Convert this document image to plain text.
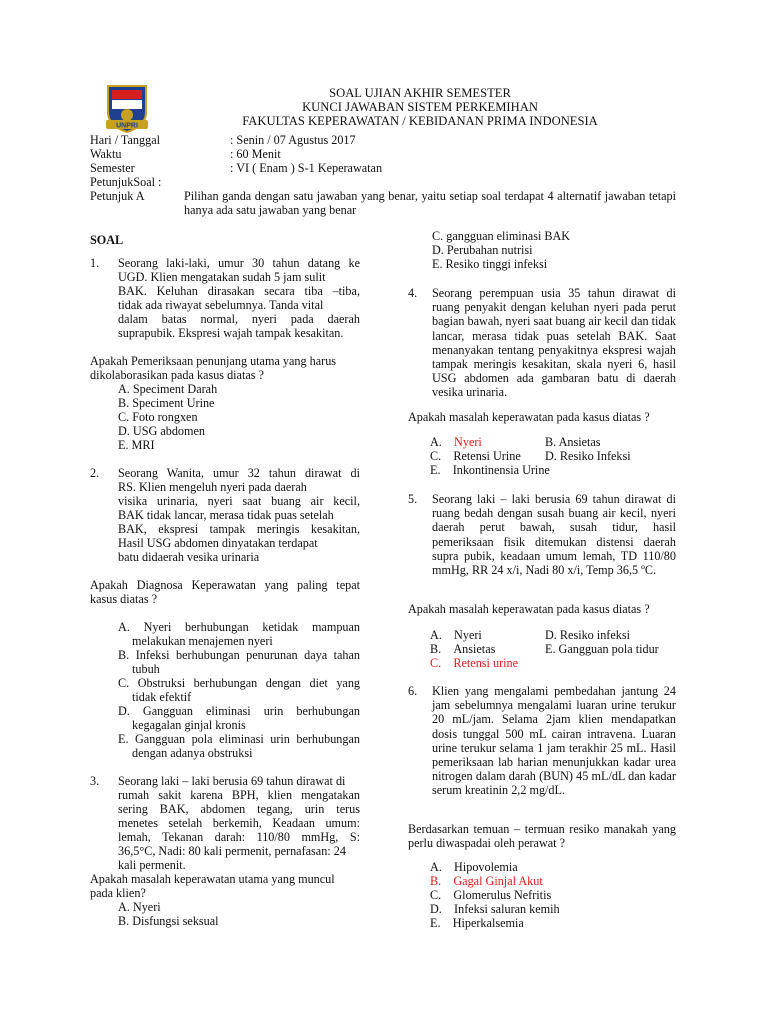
UNPRI
SOAL UJIAN AKHIR SEMESTER
KUNCI JAWABAN SISTEM PERKEMIHAN
FAKULTAS KEPERAWATAN / KEBIDANAN PRIMA INDONESIA
Hari / Tanggal	: Senin / 07 Agustus 2017
Waktu	: 60 Menit
Semester	: VI ( Enam ) S-1 Keperawatan
PetunjukSoal :
Petunjuk A	Pilihan ganda dengan satu jawaban yang benar, yaitu setiap soal terdapat 4 alternatif jawaban tetapi hanya ada satu jawaban yang benar
SOAL
1. Seorang laki-laki, umur 30 tahun datang ke
UGD. Klien mengatakan sudah 5 jam sulit
BAK. Keluhan dirasakan secara tiba –tiba,
tidak ada riwayat sebelumnya. Tanda vital
dalam batas normal, nyeri pada daerah
suprapubik. Ekspresi wajah tampak kesakitan.
Apakah Pemeriksaan penunjang utama yang harus dikolaborasikan pada kasus diatas ?
A. Speciment Darah
B. Speciment Urine
C. Foto rongxen
D. USG abdomen
E. MRI
2. Seorang Wanita, umur 32 tahun dirawat di
RS. Klien mengeluh nyeri pada daerah
visika urinaria, nyeri saat buang air kecil,
BAK tidak lancar, merasa tidak puas setelah
BAK, ekspresi tampak meringis kesakitan,
Hasil USG abdomen dinyatakan terdapat
batu didaerah vesika urinaria
Apakah Diagnosa Keperawatan yang paling tepat kasus diatas ?
A. Nyeri berhubungan ketidak mampuan melakukan menajemen nyeri
B. Infeksi berhubungan penurunan daya tahan tubuh
C. Obstruksi berhubungan dengan diet yang tidak efektif
D. Gangguan eliminasi urin berhubungan kegagalan ginjal kronis
E. Gangguan pola eliminasi urin berhubungan dengan adanya obstruksi
3. Seorang laki – laki berusia 69 tahun dirawat di
rumah sakit karena BPH, klien mengatakan
sering BAK, abdomen tegang, urin terus
menetes setelah berkemih, Keadaan umum:
lemah, Tekanan darah: 110/80 mmHg, S:
36,5°C, Nadi: 80 kali permenit, pernafasan: 24
kali permenit.
Apakah masalah keperawatan utama yang muncul pada klien?
A. Nyeri
B. Disfungsi seksual
C. gangguan eliminasi BAK
D. Perubahan nutrisi
E. Resiko tinggi infeksi
4. Seorang perempuan usia 35 tahun dirawat di ruang penyakit dengan keluhan nyeri pada perut bagian bawah, nyeri saat buang air kecil dan tidak lancar, merasa tidak puas setelah BAK. Saat menanyakan tentang penyakitnya ekspresi wajah tampak meringis kesakitan, skala nyeri 6, hasil USG abdomen ada gambaran batu di daerah vesika urinaria.
Apakah masalah keperawatan pada kasus diatas ?
A. Nyeri	B. Ansietas
C. Retensi Urine D. Resiko Infeksi
E. Inkontinensia Urine
5. Seorang laki – laki berusia 69 tahun dirawat di ruang bedah dengan susah buang air kecil, nyeri daerah perut bawah, susah tidur, hasil pemeriksaan fisik ditemukan distensi daerah supra pubik, keadaan umum lemah, TD 110/80 mmHg, RR 24 x/i, Nadi 80 x/i, Temp 36,5 ºC.
Apakah masalah keperawatan pada kasus diatas ?
A. Nyeri	D. Resiko infeksi
B. Ansietas	E. Gangguan pola tidur
C. Retensi urine
6. Klien yang mengalami pembedahan jantung 24 jam sebelumnya mengalami luaran urine terukur 20 mL/jam. Selama 2jam klien mendapatkan dosis tunggal 500 mL cairan intravena. Luaran urine terukur selama 1 jam terakhir 25 mL. Hasil pemeriksaan lab harian menunjukkan kadar urea nitrogen dalam darah (BUN) 45 mL/dL dan kadar serum kreatinin 2,2 mg/dL.
Berdasarkan temuan – termuan resiko manakah yang perlu diwaspadai oleh perawat ?
A. Hipovolemia
B. Gagal Ginjal Akut
C. Glomerulus Nefritis
D. Infeksi saluran kemih
E. Hiperkalsemia
